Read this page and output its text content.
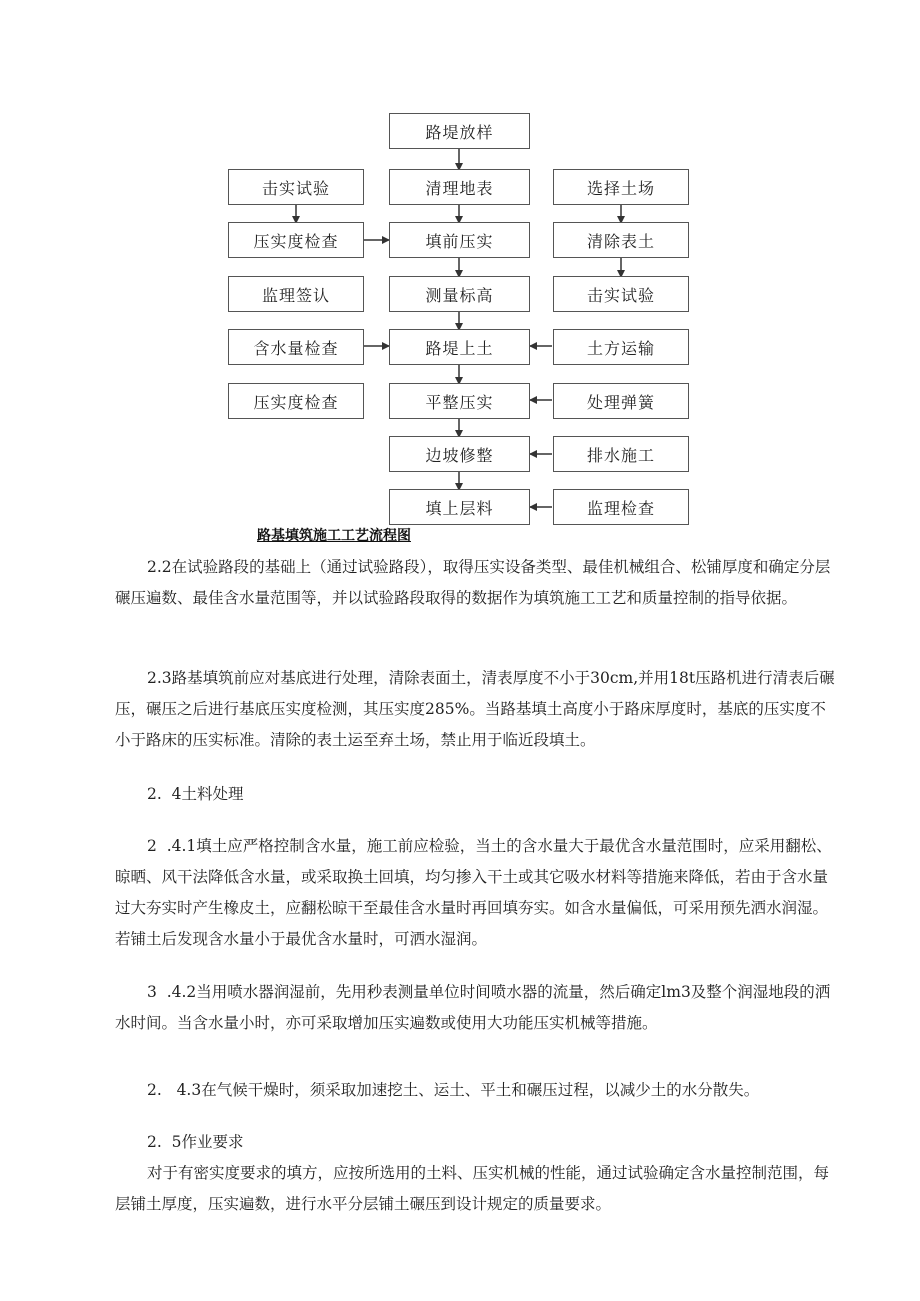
路堤放样
清理地表
填前压实
测量标高
路堤上土
平整压实
边坡修整
填上层料
击实试验
压实度检查
监理签认
含水量检查
压实度检查
选择土场
清除表土
击实试验
土方运输
处理弹簧
排水施工
监理检查
路基填筑施工工艺流程图

2.2在试验路段的基础上（通过试验路段），取得压实设备类型、最佳机械组合、松铺厚度和确定分层碾压遍数、最佳含水量范围等，并以试验路段取得的数据作为填筑施工工艺和质量控制的指导依据。

2.3路基填筑前应对基底进行处理，清除表面土，清表厚度不小于30cm,并用18t压路机进行清表后碾压，碾压之后进行基底压实度检测，其压实度285%。当路基填土高度小于路床厚度时，基底的压实度不小于路床的压实标准。清除的表土运至弃土场，禁止用于临近段填土。

2.  4土料处理

2  .4.1填土应严格控制含水量，施工前应检验，当土的含水量大于最优含水量范围时，应采用翻松、晾晒、风干法降低含水量，或采取换土回填，均匀掺入干土或其它吸水材料等措施来降低，若由于含水量过大夯实时产生橡皮土，应翻松晾干至最佳含水量时再回填夯实。如含水量偏低，可采用预先洒水润湿。若铺土后发现含水量小于最优含水量时，可洒水湿润。

3  .4.2当用喷水器润湿前，先用秒表测量单位时间喷水器的流量，然后确定lm3及整个润湿地段的洒水时间。当含水量小时，亦可采取增加压实遍数或使用大功能压实机械等措施。

2.   4.3在气候干燥时，须采取加速挖土、运土、平土和碾压过程，以减少土的水分散失。

2.  5作业要求

对于有密实度要求的填方，应按所选用的土料、压实机械的性能，通过试验确定含水量控制范围，每层铺土厚度，压实遍数，进行水平分层铺土碾压到设计规定的质量要求。
